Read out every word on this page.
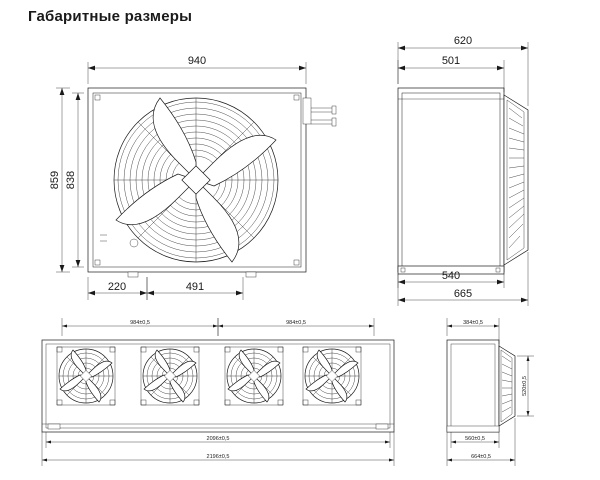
Габаритные размеры
940
838
859
220	491
620
501
540
665
984±0,5	984±0,5
2096±0,5
2196±0,5
384±0,5
520±0,5
560±0,5
664±0,5
